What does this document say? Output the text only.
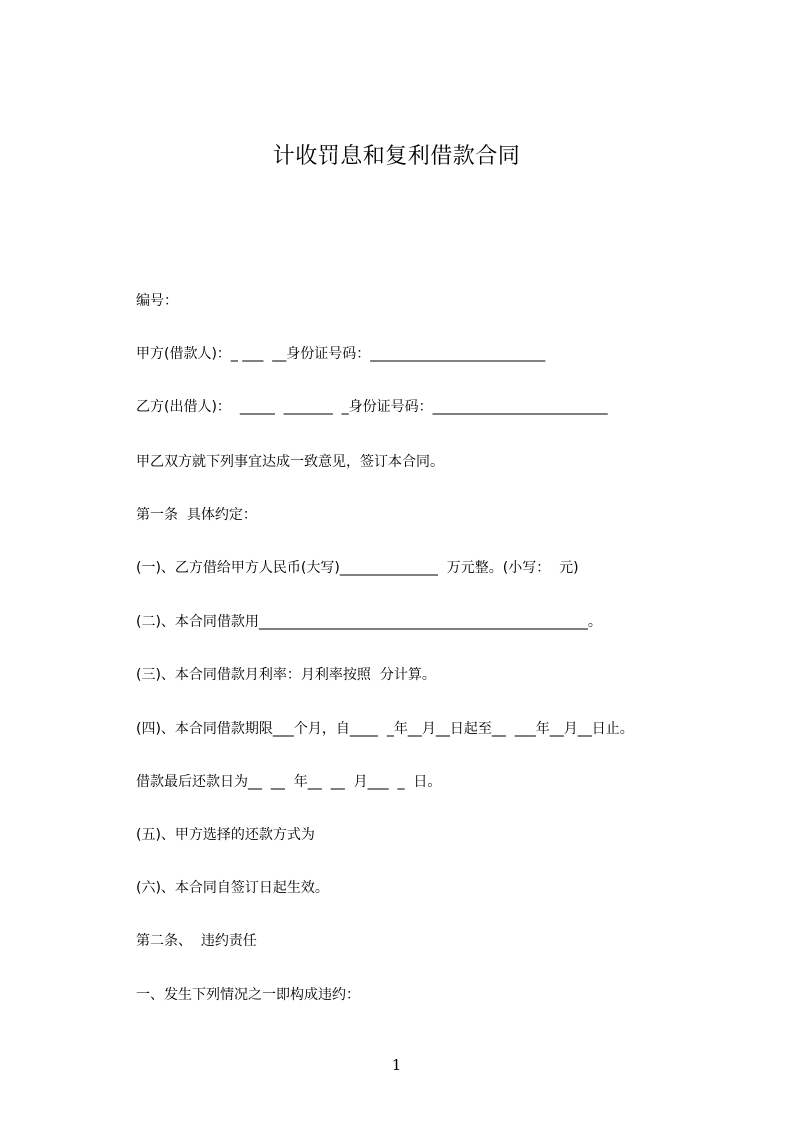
计收罚息和复利借款合同
编号：
甲方(借款人)：_ ___  __身份证号码：_________________________
乙方(出借人)：  _____  _______  _身份证号码：_________________________
甲乙双方就下列事宜达成一致意见，签订本合同。
第一条  具体约定：
(一)、乙方借给甲方人民币(大写)______________  万元整。(小写：  元)
(二)、本合同借款用_______________________________________________。
(三)、本合同借款月利率：月利率按照  分计算。
(四)、本合同借款期限___个月，自____  _年__月__日起至__  ___年__月__日止。
借款最后还款日为__  __  年__  __  月___  _  日。
(五)、甲方选择的还款方式为
(六)、本合同自签订日起生效。
第二条、  违约责任
一、发生下列情况之一即构成违约：
1
